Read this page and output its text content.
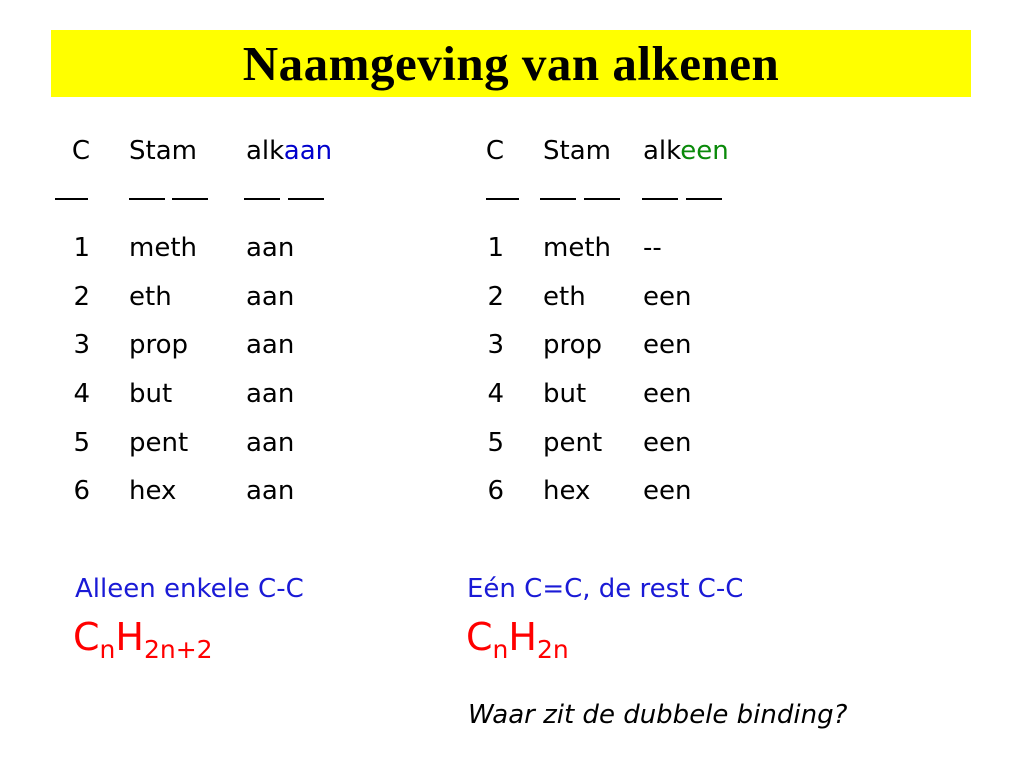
Naamgeving van alkenen
C Stam alkaan
1 meth aan
2 eth	aan
3 prop aan
4 but	aan
5 pent aan
6 hex	aan
C Stam alkeen
1 meth --
2 eth een
3 prop een
4 but een
5 pent een
6 hex een
Alleen enkele C-C
$C_nH_{2n+2}$
Eén C=C, de rest C-C
$C_nH_{2n}$
Waar zit de dubbele binding?
